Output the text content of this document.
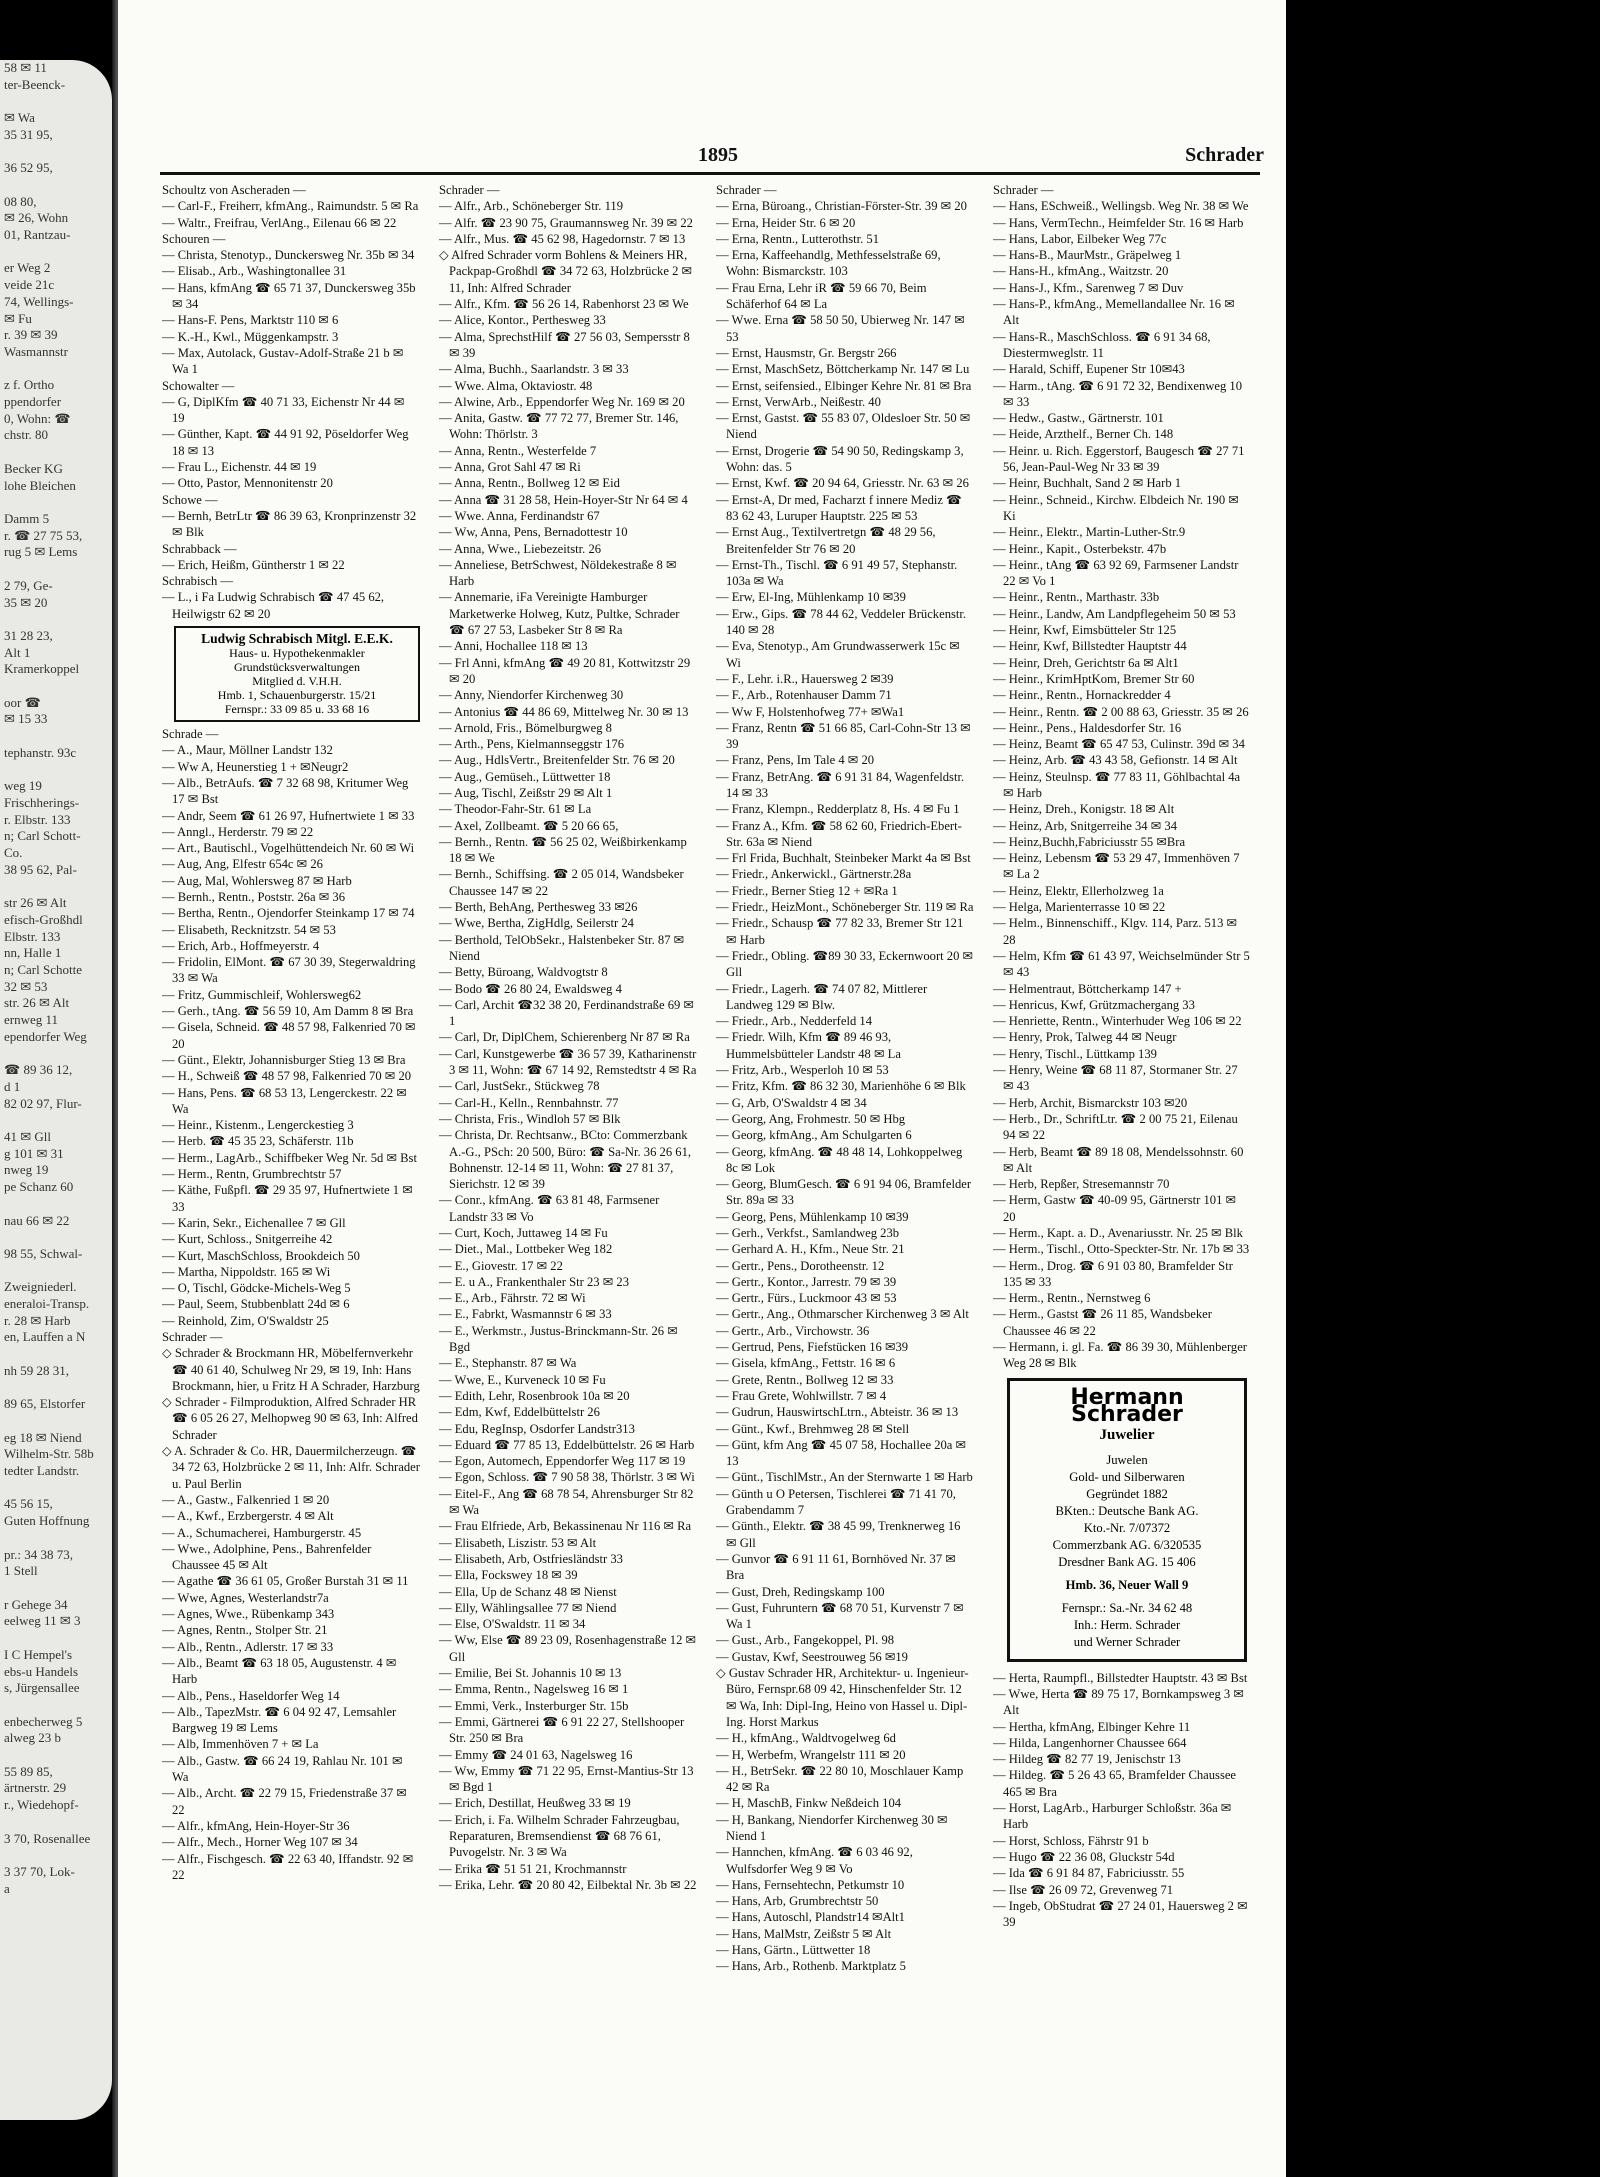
58 ✉ 11
ter-Beenck-

✉ Wa
35 31 95,

36 52 95,

08 80,
✉ 26, Wohn
01, Rantzau-

er Weg 2
veide 21c
74, Wellings-
✉ Fu
r. 39 ✉ 39
Wasmannstr

z f. Ortho
ppendorfer
0, Wohn: ☎
chstr. 80

Becker KG
lohe Bleichen

Damm 5
r. ☎ 27 75 53,
rug 5 ✉ Lems

2 79, Ge-
35 ✉ 20

31 28 23,
Alt 1
Kramerkoppel

oor ☎
✉ 15 33

tephanstr. 93c

weg 19
Frischherings-
r. Elbstr. 133
n; Carl Schott-
Co.
38 95 62, Pal-

str 26 ✉ Alt
efisch-Großhdl
Elbstr. 133
nn, Halle 1
n; Carl Schotte
32 ✉ 53
str. 26 ✉ Alt
ernweg 11
ependorfer Weg

☎ 89 36 12,
d 1
82 02 97, Flur-

41 ✉ Gll
g 101 ✉ 31
nweg 19
pe Schanz 60

nau 66 ✉ 22

98 55, Schwal-

Zweigniederl.
eneraloi-Transp.
r. 28 ✉ Harb
en, Lauffen a N

nh 59 28 31,

89 65, Elstorfer

eg 18 ✉ Niend
Wilhelm-Str. 58b
tedter Landstr.

45 56 15,
Guten Hoffnung

pr.: 34 38 73,
1 Stell

r Gehege 34
eelweg 11 ✉ 3

I C Hempel's
ebs-u Handels
s, Jürgensallee

enbecherweg 5
alweg 23 b

55 89 85,
ärtnerstr. 29
r., Wiedehopf-

3 70, Rosenallee

3 37 70, Lok-
a
1895	Schrader
Schoultz von Ascheraden —
— Carl-F., Freiherr, kfmAng., Raimundstr. 5 ✉ Ra
— Waltr., Freifrau, VerlAng., Eilenau 66 ✉ 22
Schouren —
— Christa, Stenotyp., Dunckersweg Nr. 35b ✉ 34
— Elisab., Arb., Washingtonallee 31
— Hans, kfmAng ☎ 65 71 37, Dunckersweg 35b ✉ 34
— Hans-F. Pens, Marktstr 110 ✉ 6
— K.-H., Kwl., Müggenkampstr. 3
— Max, Autolack, Gustav-Adolf-Straße 21 b ✉ Wa 1
Schowalter —
— G, DiplKfm ☎ 40 71 33, Eichenstr Nr 44 ✉ 19
— Günther, Kapt. ☎ 44 91 92, Pöseldorfer Weg 18 ✉ 13
— Frau L., Eichenstr. 44 ✉ 19
— Otto, Pastor, Mennonitenstr 20
Schowe —
— Bernh, BetrLtr ☎ 86 39 63, Kronprinzenstr 32 ✉ Blk
Schrabback —
— Erich, Heißm, Güntherstr 1 ✉ 22
Schrabisch —
— L., i Fa Ludwig Schrabisch ☎ 47 45 62, Heilwigstr 62 ✉ 20
Ludwig Schrabisch Mitgl. E.E.K.
Haus- u. Hypothekenmakler
Grundstücksverwaltungen
Mitglied d. V.H.H.
Hmb. 1, Schauenburgerstr. 15/21
Fernspr.: 33 09 85 u. 33 68 16
Schrade —
— A., Maur, Möllner Landstr 132
— Ww A, Heunerstieg 1 + ✉Neugr2
— Alb., BetrAufs. ☎ 7 32 68 98, Kritumer Weg 17 ✉ Bst
— Andr, Seem ☎ 61 26 97, Hufnertwiete 1 ✉ 33
— Anngl., Herderstr. 79 ✉ 22
— Art., Bautischl., Vogelhüttendeich Nr. 60 ✉ Wi
— Aug, Ang, Elfestr 654c ✉ 26
— Aug, Mal, Wohlersweg 87 ✉ Harb
— Bernh., Rentn., Poststr. 26a ✉ 36
— Bertha, Rentn., Ojendorfer Steinkamp 17 ✉ 74
— Elisabeth, Recknitzstr. 54 ✉ 53
— Erich, Arb., Hoffmeyerstr. 4
— Fridolin, ElMont. ☎ 67 30 39, Stegerwaldring 33 ✉ Wa
— Fritz, Gummischleif, Wohlersweg62
— Gerh., tAng. ☎ 56 59 10, Am Damm 8 ✉ Bra
— Gisela, Schneid. ☎ 48 57 98, Falkenried 70 ✉ 20
— Günt., Elektr, Johannisburger Stieg 13 ✉ Bra
— H., Schweiß ☎ 48 57 98, Falkenried 70 ✉ 20
— Hans, Pens. ☎ 68 53 13, Lengerckestr. 22 ✉ Wa
— Heinr., Kistenm., Lengerckestieg 3
— Herb. ☎ 45 35 23, Schäferstr. 11b
— Herm., LagArb., Schiffbeker Weg Nr. 5d ✉ Bst
— Herm., Rentn, Grumbrechtstr 57
— Käthe, Fußpfl. ☎ 29 35 97, Hufnertwiete 1 ✉ 33
— Karin, Sekr., Eichenallee 7 ✉ Gll
— Kurt, Schloss., Snitgerreihe 42
— Kurt, MaschSchloss, Brookdeich 50
— Martha, Nippoldstr. 165 ✉ Wi
— O, Tischl, Gödcke-Michels-Weg 5
— Paul, Seem, Stubbenblatt 24d ✉ 6
— Reinhold, Zim, O'Swaldstr 25
Schrader —
◇ Schrader & Brockmann HR, Möbelfernverkehr ☎ 40 61 40, Schulweg Nr 29, ✉ 19, Inh: Hans Brockmann, hier, u Fritz H A Schrader, Harzburg
◇ Schrader - Filmproduktion, Alfred Schrader HR ☎ 6 05 26 27, Melhopweg 90 ✉ 63, Inh: Alfred Schrader
◇ A. Schrader & Co. HR, Dauermilcherzeugn. ☎ 34 72 63, Holzbrücke 2 ✉ 11, Inh: Alfr. Schrader u. Paul Berlin
— A., Gastw., Falkenried 1 ✉ 20
— A., Kwf., Erzbergerstr. 4 ✉ Alt
— A., Schumacherei, Hamburgerstr. 45
— Wwe., Adolphine, Pens., Bahrenfelder Chaussee 45 ✉ Alt
— Agathe ☎ 36 61 05, Großer Burstah 31 ✉ 11
— Wwe, Agnes, Westerlandstr7a
— Agnes, Wwe., Rübenkamp 343
— Agnes, Rentn., Stolper Str. 21
— Alb., Rentn., Adlerstr. 17 ✉ 33
— Alb., Beamt ☎ 63 18 05, Augustenstr. 4 ✉ Harb
— Alb., Pens., Haseldorfer Weg 14
— Alb., TapezMstr. ☎ 6 04 92 47, Lemsahler Bargweg 19 ✉ Lems
— Alb, Immenhöven 7 + ✉ La
— Alb., Gastw. ☎ 66 24 19, Rahlau Nr. 101 ✉ Wa
— Alb., Archt. ☎ 22 79 15, Friedenstraße 37 ✉ 22
— Alfr., kfmAng, Hein-Hoyer-Str 36
— Alfr., Mech., Horner Weg 107 ✉ 34
— Alfr., Fischgesch. ☎ 22 63 40, Iffandstr. 92 ✉ 22
Schrader —
— Alfr., Arb., Schöneberger Str. 119
— Alfr. ☎ 23 90 75, Graumannsweg Nr. 39 ✉ 22
— Alfr., Mus. ☎ 45 62 98, Hagedornstr. 7 ✉ 13
◇ Alfred Schrader vorm Bohlens & Meiners HR, Packpap-Großhdl ☎ 34 72 63, Holzbrücke 2 ✉ 11, Inh: Alfred Schrader
— Alfr., Kfm. ☎ 56 26 14, Rabenhorst 23 ✉ We
— Alice, Kontor., Perthesweg 33
— Alma, SprechstHilf ☎ 27 56 03, Sempersstr 8 ✉ 39
— Alma, Buchh., Saarlandstr. 3 ✉ 33
— Wwe. Alma, Oktaviostr. 48
— Alwine, Arb., Eppendorfer Weg Nr. 169 ✉ 20
— Anita, Gastw. ☎ 77 72 77, Bremer Str. 146, Wohn: Thörlstr. 3
— Anna, Rentn., Westerfelde 7
— Anna, Grot Sahl 47 ✉ Ri
— Anna, Rentn., Bollweg 12 ✉ Eid
— Anna ☎ 31 28 58, Hein-Hoyer-Str Nr 64 ✉ 4
— Wwe. Anna, Ferdinandstr 67
— Ww, Anna, Pens, Bernadottestr 10
— Anna, Wwe., Liebezeitstr. 26
— Anneliese, BetrSchwest, Nöldekestraße 8 ✉ Harb
— Annemarie, iFa Vereinigte Hamburger Marketwerke Holweg, Kutz, Pultke, Schrader ☎ 67 27 53, Lasbeker Str 8 ✉ Ra
— Anni, Hochallee 118 ✉ 13
— Frl Anni, kfmAng ☎ 49 20 81, Kottwitzstr 29 ✉ 20
— Anny, Niendorfer Kirchenweg 30
— Antonius ☎ 44 86 69, Mittelweg Nr. 30 ✉ 13
— Arnold, Fris., Bömelburgweg 8
— Arth., Pens, Kielmannseggstr 176
— Aug., HdlsVertr., Breitenfelder Str. 76 ✉ 20
— Aug., Gemüseh., Lüttwetter 18
— Aug, Tischl, Zeißstr 29 ✉ Alt 1
— Theodor-Fahr-Str. 61 ✉ La
— Axel, Zollbeamt. ☎ 5 20 66 65,
— Bernh., Rentn. ☎ 56 25 02, Weißbirkenkamp 18 ✉ We
— Bernh., Schiffsing. ☎ 2 05 014, Wandsbeker Chaussee 147 ✉ 22
— Berth, BehAng, Perthesweg 33 ✉26
— Wwe, Bertha, ZigHdlg, Seilerstr 24
— Berthold, TelObSekr., Halstenbeker Str. 87 ✉ Niend
— Betty, Büroang, Waldvogtstr 8
— Bodo ☎ 26 80 24, Ewaldsweg 4
— Carl, Archit ☎32 38 20, Ferdinandstraße 69 ✉ 1
— Carl, Dr, DiplChem, Schierenberg Nr 87 ✉ Ra
— Carl, Kunstgewerbe ☎ 36 57 39, Katharinenstr 3 ✉ 11, Wohn: ☎ 67 14 92, Remstedtstr 4 ✉ Ra
— Carl, JustSekr., Stückweg 78
— Carl-H., Kelln., Rennbahnstr. 77
— Christa, Fris., Windloh 57 ✉ Blk
— Christa, Dr. Rechtsanw., BCto: Commerzbank A.-G., PSch: 20 500, Büro: ☎ Sa-Nr. 36 26 61, Bohnenstr. 12-14 ✉ 11, Wohn: ☎ 27 81 37, Sierichstr. 12 ✉ 39
— Conr., kfmAng. ☎ 63 81 48, Farmsener Landstr 33 ✉ Vo
— Curt, Koch, Juttaweg 14 ✉ Fu
— Diet., Mal., Lottbeker Weg 182
— E., Giovestr. 17 ✉ 22
— E. u A., Frankenthaler Str 23 ✉ 23
— E., Arb., Fährstr. 72 ✉ Wi
— E., Fabrkt, Wasmannstr 6 ✉ 33
— E., Werkmstr., Justus-Brinckmann-Str. 26 ✉ Bgd
— E., Stephanstr. 87 ✉ Wa
— Wwe, E., Kurveneck 10 ✉ Fu
— Edith, Lehr, Rosenbrook 10a ✉ 20
— Edm, Kwf, Eddelbüttelstr 26
— Edu, RegInsp, Osdorfer Landstr313
— Eduard ☎ 77 85 13, Eddelbüttelstr. 26 ✉ Harb
— Egon, Automech, Eppendorfer Weg 117 ✉ 19
— Egon, Schloss. ☎ 7 90 58 38, Thörlstr. 3 ✉ Wi
— Eitel-F., Ang ☎ 68 78 54, Ahrensburger Str 82 ✉ Wa
— Frau Elfriede, Arb, Bekassinenau Nr 116 ✉ Ra
— Elisabeth, Liszistr. 53 ✉ Alt
— Elisabeth, Arb, Ostfriesländstr 33
— Ella, Fockswey 18 ✉ 39
— Ella, Up de Schanz 48 ✉ Nienst
— Elly, Wählingsallee 77 ✉ Niend
— Else, O'Swaldstr. 11 ✉ 34
— Ww, Else ☎ 89 23 09, Rosenhagenstraße 12 ✉ Gll
— Emilie, Bei St. Johannis 10 ✉ 13
— Emma, Rentn., Nagelsweg 16 ✉ 1
— Emmi, Verk., Insterburger Str. 15b
— Emmi, Gärtnerei ☎ 6 91 22 27, Stellshooper Str. 250 ✉ Bra
— Emmy ☎ 24 01 63, Nagelsweg 16
— Ww, Emmy ☎ 71 22 95, Ernst-Mantius-Str 13 ✉ Bgd 1
— Erich, Destillat, Heußweg 33 ✉ 19
— Erich, i. Fa. Wilhelm Schrader Fahrzeugbau, Reparaturen, Bremsendienst ☎ 68 76 61, Puvogelstr. Nr. 3 ✉ Wa
— Erika ☎ 51 51 21, Krochmannstr
— Erika, Lehr. ☎ 20 80 42, Eilbektal Nr. 3b ✉ 22
Schrader —
— Erna, Büroang., Christian-Förster-Str. 39 ✉ 20
— Erna, Heider Str. 6 ✉ 20
— Erna, Rentn., Lutterothstr. 51
— Erna, Kaffeehandlg, Methfesselstraße 69, Wohn: Bismarckstr. 103
— Frau Erna, Lehr iR ☎ 59 66 70, Beim Schäferhof 64 ✉ La
— Wwe. Erna ☎ 58 50 50, Ubierweg Nr. 147 ✉ 53
— Ernst, Hausmstr, Gr. Bergstr 266
— Ernst, MaschSetz, Böttcherkamp Nr. 147 ✉ Lu
— Ernst, seifensied., Elbinger Kehre Nr. 81 ✉ Bra
— Ernst, VerwArb., Neißestr. 40
— Ernst, Gastst. ☎ 55 83 07, Oldesloer Str. 50 ✉ Niend
— Ernst, Drogerie ☎ 54 90 50, Redingskamp 3, Wohn: das. 5
— Ernst, Kwf. ☎ 20 94 64, Griesstr. Nr. 63 ✉ 26
— Ernst-A, Dr med, Facharzt f innere Mediz ☎ 83 62 43, Luruper Hauptstr. 225 ✉ 53
— Ernst Aug., Textilvertretgn ☎ 48 29 56, Breitenfelder Str 76 ✉ 20
— Ernst-Th., Tischl. ☎ 6 91 49 57, Stephanstr. 103a ✉ Wa
— Erw, El-Ing, Mühlenkamp 10 ✉39
— Erw., Gips. ☎ 78 44 62, Veddeler Brückenstr. 140 ✉ 28
— Eva, Stenotyp., Am Grundwasserwerk 15c ✉ Wi
— F., Lehr. i.R., Hauersweg 2 ✉39
— F., Arb., Rotenhauser Damm 71
— Ww F, Holstenhofweg 77+ ✉Wa1
— Franz, Rentn ☎ 51 66 85, Carl-Cohn-Str 13 ✉ 39
— Franz, Pens, Im Tale 4 ✉ 20
— Franz, BetrAng. ☎ 6 91 31 84, Wagenfeldstr. 14 ✉ 33
— Franz, Klempn., Redderplatz 8, Hs. 4 ✉ Fu 1
— Franz A., Kfm. ☎ 58 62 60, Friedrich-Ebert-Str. 63a ✉ Niend
— Frl Frida, Buchhalt, Steinbeker Markt 4a ✉ Bst
— Friedr., Ankerwickl., Gärtnerstr.28a
— Friedr., Berner Stieg 12 + ✉Ra 1
— Friedr., HeizMont., Schöneberger Str. 119 ✉ Ra
— Friedr., Schausp ☎ 77 82 33, Bremer Str 121 ✉ Harb
— Friedr., Obling. ☎89 30 33, Eckernwoort 20 ✉ Gll
— Friedr., Lagerh. ☎ 74 07 82, Mittlerer Landweg 129 ✉ Blw.
— Friedr., Arb., Nedderfeld 14
— Friedr. Wilh, Kfm ☎ 89 46 93, Hummelsbütteler Landstr 48 ✉ La
— Fritz, Arb., Wesperloh 10 ✉ 53
— Fritz, Kfm. ☎ 86 32 30, Marienhöhe 6 ✉ Blk
— G, Arb, O'Swaldstr 4 ✉ 34
— Georg, Ang, Frohmestr. 50 ✉ Hbg
— Georg, kfmAng., Am Schulgarten 6
— Georg, kfmAng. ☎ 48 48 14, Lohkoppelweg 8c ✉ Lok
— Georg, BlumGesch. ☎ 6 91 94 06, Bramfelder Str. 89a ✉ 33
— Georg, Pens, Mühlenkamp 10 ✉39
— Gerh., Verkfst., Samlandweg 23b
— Gerhard A. H., Kfm., Neue Str. 21
— Gertr., Pens., Dorotheenstr. 12
— Gertr., Kontor., Jarrestr. 79 ✉ 39
— Gertr., Fürs., Luckmoor 43 ✉ 53
— Gertr., Ang., Othmarscher Kirchenweg 3 ✉ Alt
— Gertr., Arb., Virchowstr. 36
— Gertrud, Pens, Fiefstücken 16 ✉39
— Gisela, kfmAng., Fettstr. 16 ✉ 6
— Grete, Rentn., Bollweg 12 ✉ 33
— Frau Grete, Wohlwillstr. 7 ✉ 4
— Gudrun, HauswirtschLtrn., Abteistr. 36 ✉ 13
— Günt., Kwf., Brehmweg 28 ✉ Stell
— Günt, kfm Ang ☎ 45 07 58, Hochallee 20a ✉ 13
— Günt., TischlMstr., An der Sternwarte 1 ✉ Harb
— Günth u O Petersen, Tischlerei ☎ 71 41 70, Grabendamm 7
— Günth., Elektr. ☎ 38 45 99, Trenknerweg 16 ✉ Gll
— Gunvor ☎ 6 91 11 61, Bornhöved Nr. 37 ✉ Bra
— Gust, Dreh, Redingskamp 100
— Gust, Fuhruntern ☎ 68 70 51, Kurvenstr 7 ✉ Wa 1
— Gust., Arb., Fangekoppel, Pl. 98
— Gustav, Kwf, Seestrouweg 56 ✉19
◇ Gustav Schrader HR, Architektur- u. Ingenieur-Büro, Fernspr.68 09 42, Hinschenfelder Str. 12 ✉ Wa, Inh: Dipl-Ing, Heino von Hassel u. Dipl-Ing. Horst Markus
— H., kfmAng., Waldtvogelweg 6d
— H, Werbefm, Wrangelstr 111 ✉ 20
— H., BetrSekr. ☎ 22 80 10, Moschlauer Kamp 42 ✉ Ra
— H, MaschB, Finkw Neßdeich 104
— H, Bankang, Niendorfer Kirchenweg 30 ✉ Niend 1
— Hannchen, kfmAng. ☎ 6 03 46 92, Wulfsdorfer Weg 9 ✉ Vo
— Hans, Fernsehtechn, Petkumstr 10
— Hans, Arb, Grumbrechtstr 50
— Hans, Autoschl, Plandstr14 ✉Alt1
— Hans, MalMstr, Zeißstr 5 ✉ Alt
— Hans, Gärtn., Lüttwetter 18
— Hans, Arb., Rothenb. Marktplatz 5
Schrader —
— Hans, ESchweiß., Wellingsb. Weg Nr. 38 ✉ We
— Hans, VermTechn., Heimfelder Str. 16 ✉ Harb
— Hans, Labor, Eilbeker Weg 77c
— Hans-B., MaurMstr., Gräpelweg 1
— Hans-H., kfmAng., Waitzstr. 20
— Hans-J., Kfm., Sarenweg 7 ✉ Duv
— Hans-P., kfmAng., Memellandallee Nr. 16 ✉ Alt
— Hans-R., MaschSchloss. ☎ 6 91 34 68, Diestermweglstr. 11
— Harald, Schiff, Eupener Str 10✉43
— Harm., tAng. ☎ 6 91 72 32, Bendixenweg 10 ✉ 33
— Hedw., Gastw., Gärtnerstr. 101
— Heide, Arzthelf., Berner Ch. 148
— Heinr. u. Rich. Eggerstorf, Baugesch ☎ 27 71 56, Jean-Paul-Weg Nr 33 ✉ 39
— Heinr, Buchhalt, Sand 2 ✉ Harb 1
— Heinr., Schneid., Kirchw. Elbdeich Nr. 190 ✉ Ki
— Heinr., Elektr., Martin-Luther-Str.9
— Heinr., Kapit., Osterbekstr. 47b
— Heinr., tAng ☎ 63 92 69, Farmsener Landstr 22 ✉ Vo 1
— Heinr., Rentn., Marthastr. 33b
— Heinr., Landw, Am Landpflegeheim 50 ✉ 53
— Heinr, Kwf, Eimsbütteler Str 125
— Heinr, Kwf, Billstedter Hauptstr 44
— Heinr, Dreh, Gerichtstr 6a ✉ Alt1
— Heinr., KrimHptKom, Bremer Str 60
— Heinr., Rentn., Hornackredder 4
— Heinr., Rentn. ☎ 2 00 88 63, Griesstr. 35 ✉ 26
— Heinr., Pens., Haldesdorfer Str. 16
— Heinz, Beamt ☎ 65 47 53, Culinstr. 39d ✉ 34
— Heinz, Arb. ☎ 43 43 58, Gefionstr. 14 ✉ Alt
— Heinz, Steulnsp. ☎ 77 83 11, Göhlbachtal 4a ✉ Harb
— Heinz, Dreh., Konigstr. 18 ✉ Alt
— Heinz, Arb, Snitgerreihe 34 ✉ 34
— Heinz,Buchh,Fabriciusstr 55 ✉Bra
— Heinz, Lebensm ☎ 53 29 47, Immenhöven 7 ✉ La 2
— Heinz, Elektr, Ellerholzweg 1a
— Helga, Marienterrasse 10 ✉ 22
— Helm., Binnenschiff., Klgv. 114, Parz. 513 ✉ 28
— Helm, Kfm ☎ 61 43 97, Weichselmünder Str 5 ✉ 43
— Helmentraut, Böttcherkamp 147 +
— Henricus, Kwf, Grützmachergang 33
— Henriette, Rentn., Winterhuder Weg 106 ✉ 22
— Henry, Prok, Talweg 44 ✉ Neugr
— Henry, Tischl., Lüttkamp 139
— Henry, Weine ☎ 68 11 87, Stormaner Str. 27 ✉ 43
— Herb, Archit, Bismarckstr 103 ✉20
— Herb., Dr., SchriftLtr. ☎ 2 00 75 21, Eilenau 94 ✉ 22
— Herb, Beamt ☎ 89 18 08, Mendelssohnstr. 60 ✉ Alt
— Herb, Repßer, Stresemannstr 70
— Herm, Gastw ☎ 40-09 95, Gärtnerstr 101 ✉ 20
— Herm., Kapt. a. D., Avenariusstr. Nr. 25 ✉ Blk
— Herm., Tischl., Otto-Speckter-Str. Nr. 17b ✉ 33
— Herm., Drog. ☎ 6 91 03 80, Bramfelder Str 135 ✉ 33
— Herm., Rentn., Nernstweg 6
— Herm., Gastst ☎ 26 11 85, Wandsbeker Chaussee 46 ✉ 22
— Hermann, i. gl. Fa. ☎ 86 39 30, Mühlenberger Weg 28 ✉ Blk
Hermann Schrader
Juwelier
Juwelen
Gold- und Silberwaren
Gegründet 1882
BKten.: Deutsche Bank AG.
Kto.-Nr. 7/07372
Commerzbank AG. 6/320535
Dresdner Bank AG. 15 406
Hmb. 36, Neuer Wall 9
Fernspr.: Sa.-Nr. 34 62 48
Inh.: Herm. Schrader
und Werner Schrader
— Herta, Raumpfl., Billstedter Hauptstr. 43 ✉ Bst
— Wwe, Herta ☎ 89 75 17, Bornkampsweg 3 ✉ Alt
— Hertha, kfmAng, Elbinger Kehre 11
— Hilda, Langenhorner Chaussee 664
— Hildeg ☎ 82 77 19, Jenischstr 13
— Hildeg. ☎ 5 26 43 65, Bramfelder Chaussee 465 ✉ Bra
— Horst, LagArb., Harburger Schloßstr. 36a ✉ Harb
— Horst, Schloss, Fährstr 91 b
— Hugo ☎ 22 36 08, Gluckstr 54d
— Ida ☎ 6 91 84 87, Fabriciusstr. 55
— Ilse ☎ 26 09 72, Grevenweg 71
— Ingeb, ObStudrat ☎ 27 24 01, Hauersweg 2 ✉ 39
